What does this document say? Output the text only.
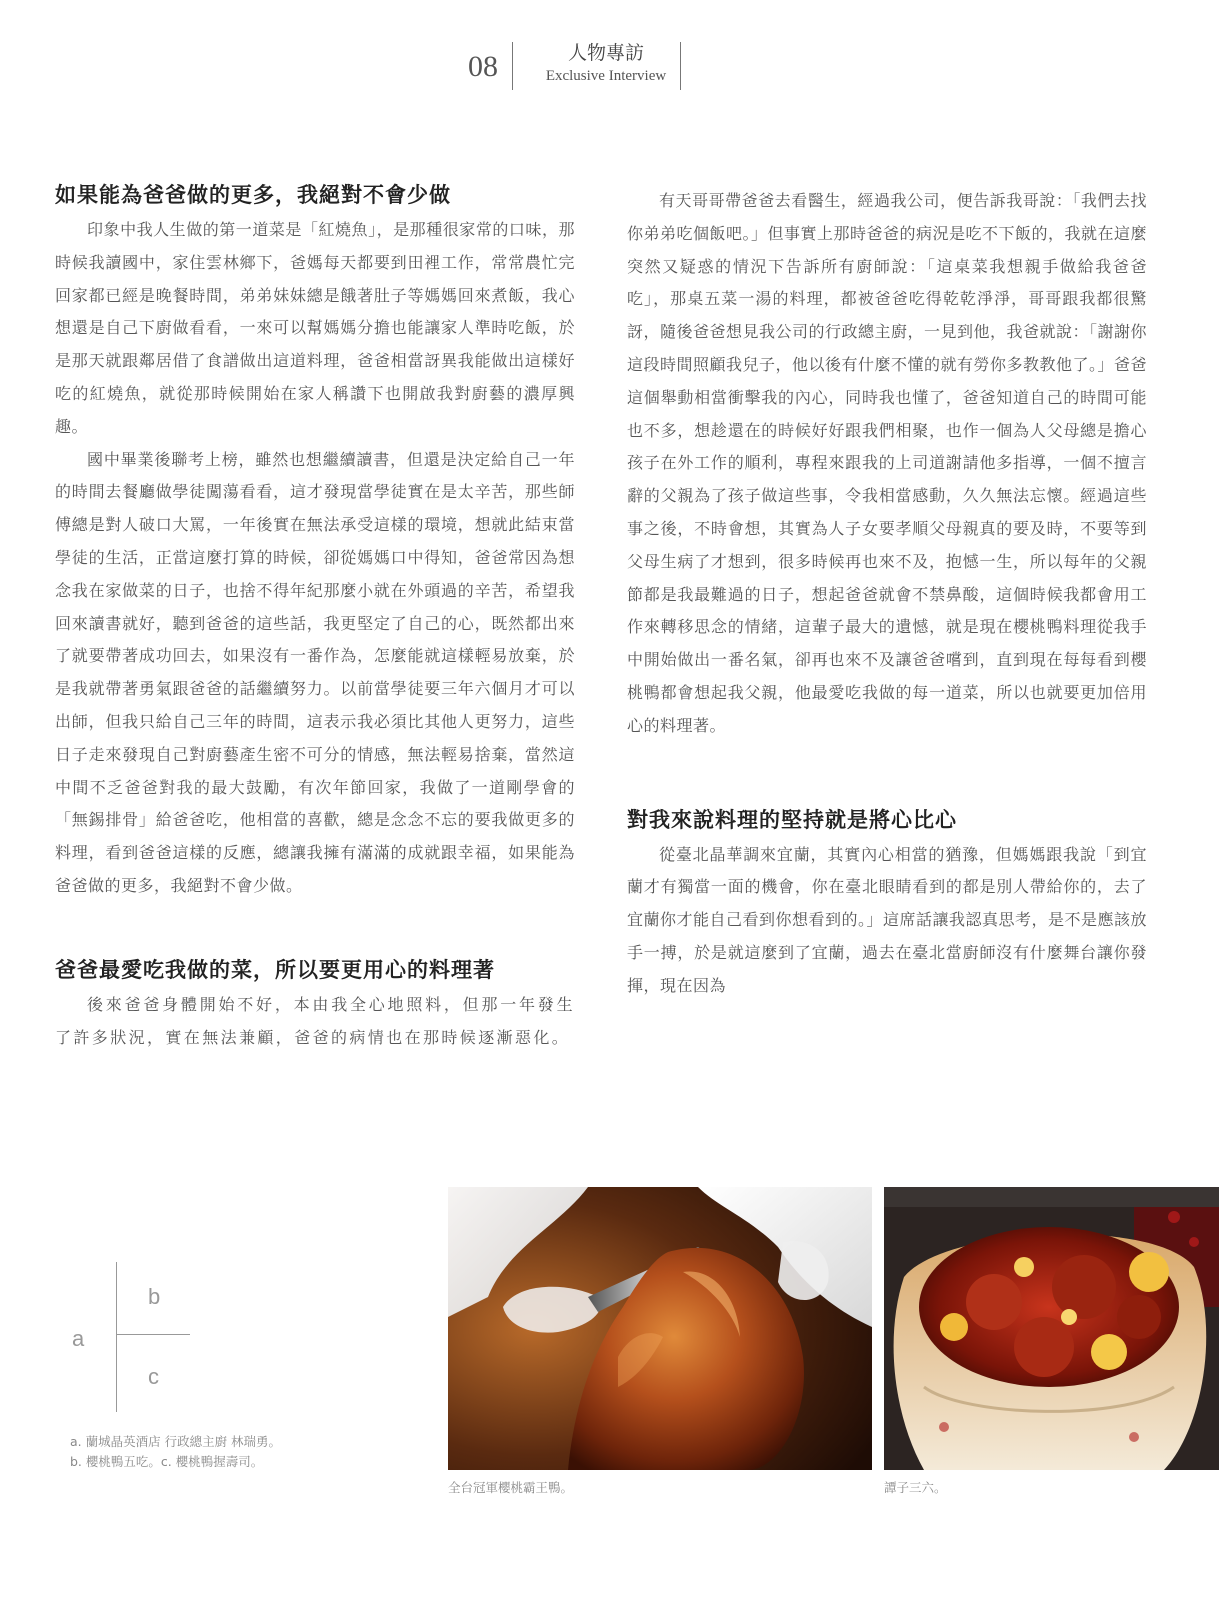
08	人物專訪
Exclusive Interview
如果能為爸爸做的更多，我絕對不會少做

印象中我人生做的第一道菜是「紅燒魚」，是那種很家常的口味，那時候我讀國中，家住雲林鄉下，爸媽每天都要到田裡工作，常常農忙完回家都已經是晚餐時間，弟弟妹妹總是餓著肚子等媽媽回來煮飯，我心想還是自己下廚做看看，一來可以幫媽媽分擔也能讓家人準時吃飯，於是那天就跟鄰居借了食譜做出這道料理，爸爸相當訝異我能做出這樣好吃的紅燒魚，就從那時候開始在家人稱讚下也開啟我對廚藝的濃厚興趣。

國中畢業後聯考上榜，雖然也想繼續讀書，但還是決定給自己一年的時間去餐廳做學徒闖蕩看看，這才發現當學徒實在是太辛苦，那些師傅總是對人破口大罵，一年後實在無法承受這樣的環境，想就此結束當學徒的生活，正當這麼打算的時候，卻從媽媽口中得知，爸爸常因為想念我在家做菜的日子，也捨不得年紀那麼小就在外頭過的辛苦，希望我回來讀書就好，聽到爸爸的這些話，我更堅定了自己的心，既然都出來了就要帶著成功回去，如果沒有一番作為，怎麼能就這樣輕易放棄，於是我就帶著勇氣跟爸爸的話繼續努力。以前當學徒要三年六個月才可以出師，但我只給自己三年的時間，這表示我必須比其他人更努力，這些日子走來發現自己對廚藝產生密不可分的情感，無法輕易捨棄，當然這中間不乏爸爸對我的最大鼓勵，有次年節回家，我做了一道剛學會的「無錫排骨」給爸爸吃，他相當的喜歡，總是念念不忘的要我做更多的料理，看到爸爸這樣的反應，總讓我擁有滿滿的成就跟幸福，如果能為爸爸做的更多，我絕對不會少做。

爸爸最愛吃我做的菜，所以要更用心的料理著

後來爸爸身體開始不好，本由我全心地照料，但那一年發生了許多狀況，實在無法兼顧，爸爸的病情也在那時候逐漸惡化。

有天哥哥帶爸爸去看醫生，經過我公司，便告訴我哥說：「我們去找你弟弟吃個飯吧。」但事實上那時爸爸的病況是吃不下飯的，我就在這麼突然又疑惑的情況下告訴所有廚師說：「這桌菜我想親手做給我爸爸吃」，那桌五菜一湯的料理，都被爸爸吃得乾乾淨淨，哥哥跟我都很驚訝，隨後爸爸想見我公司的行政總主廚，一見到他，我爸就說：「謝謝你這段時間照顧我兒子，他以後有什麼不懂的就有勞你多教教他了。」爸爸這個舉動相當衝擊我的內心，同時我也懂了，爸爸知道自己的時間可能也不多，想趁還在的時候好好跟我們相聚，也作一個為人父母總是擔心孩子在外工作的順利，專程來跟我的上司道謝請他多指導，一個不擅言辭的父親為了孩子做這些事，令我相當感動，久久無法忘懷。經過這些事之後，不時會想，其實為人子女要孝順父母親真的要及時，不要等到父母生病了才想到，很多時候再也來不及，抱憾一生，所以每年的父親節都是我最難過的日子，想起爸爸就會不禁鼻酸，這個時候我都會用工作來轉移思念的情緒，這輩子最大的遺憾，就是現在櫻桃鴨料理從我手中開始做出一番名氣，卻再也來不及讓爸爸嚐到，直到現在每每看到櫻桃鴨都會想起我父親，他最愛吃我做的每一道菜，所以也就要更加倍用心的料理著。

對我來說料理的堅持就是將心比心

從臺北晶華調來宜蘭，其實內心相當的猶豫，但媽媽跟我說「到宜蘭才有獨當一面的機會，你在臺北眼睛看到的都是別人帶給你的，去了宜蘭你才能自己看到你想看到的。」這席話讓我認真思考，是不是應該放手一搏，於是就這麼到了宜蘭，過去在臺北當廚師沒有什麼舞台讓你發揮，現在因為

a
b
c
a. 蘭城晶英酒店 行政總主廚 林瑞勇。
b. 櫻桃鴨五吃。c. 櫻桃鴨握壽司。
全台冠軍櫻桃霸王鴨。	譚子三六。
